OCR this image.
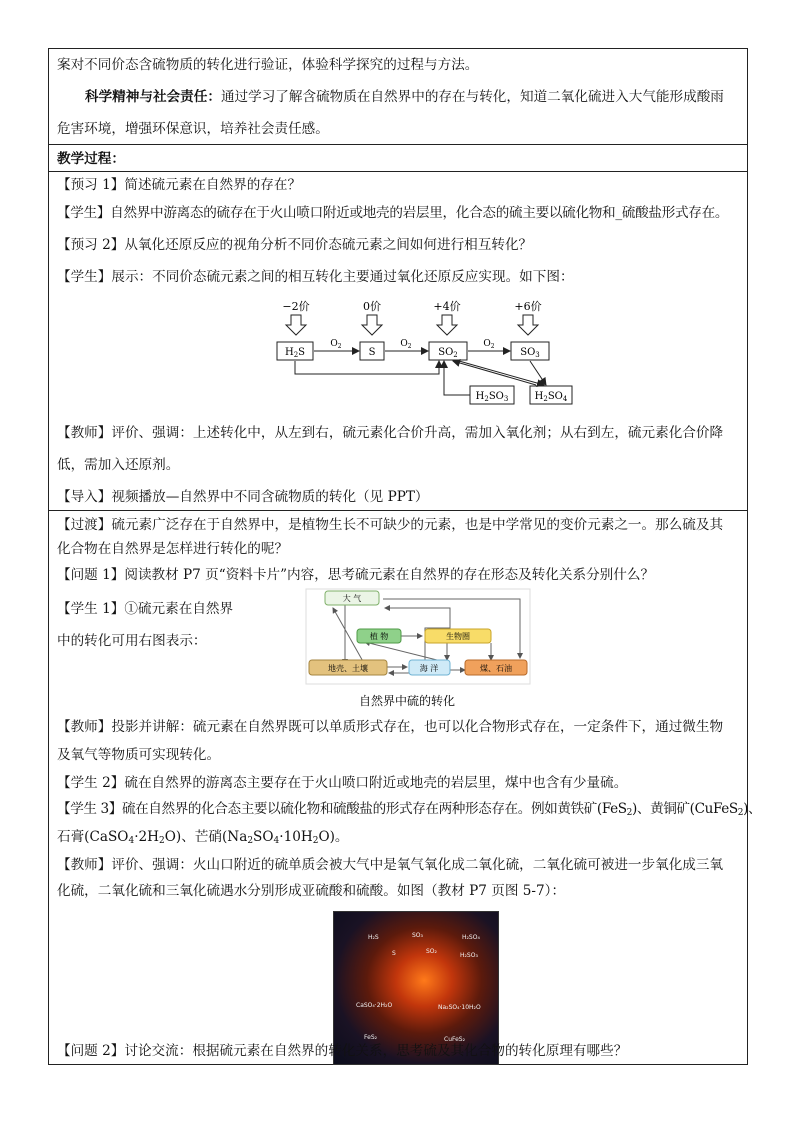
案对不同价态含硫物质的转化进行验证，体验科学探究的过程与方法。
科学精神与社会责任：通过学习了解含硫物质在自然界中的存在与转化，知道二氧化硫进入大气能形成酸雨
危害环境，增强环保意识，培养社会责任感。
教学过程：
【预习 1】简述硫元素在自然界的存在？
【学生】自然界中游离态的硫存在于火山喷口附近或地壳的岩层里，化合态的硫主要以硫化物和_硫酸盐形式存在。
【预习 2】从氧化还原反应的视角分析不同价态硫元素之间如何进行相互转化？
【学生】展示：不同价态硫元素之间的相互转化主要通过氧化还原反应实现。如下图：
−2价	0价	+4价	+6价
$H_2S$	S	$SO_2$	$SO_3$
$H_2SO_3$	$H_2SO_4$
$O_2$	$O_2$	$O_2$
【教师】评价、强调：上述转化中，从左到右，硫元素化合价升高，需加入氧化剂；从右到左，硫元素化合价降
低，需加入还原剂。
【导入】视频播放—自然界中不同含硫物质的转化（见 PPT）
【过渡】硫元素广泛存在于自然界中，是植物生长不可缺少的元素，也是中学常见的变价元素之一。那么硫及其
化合物在自然界是怎样进行转化的呢？
【问题 1】阅读教材 P7 页“资料卡片”内容，思考硫元素在自然界的存在形态及转化关系分别什么？
【学生 1】①硫元素在自然界
中的转化可用右图表示：
大 气
植 物	生物圈
地壳、土壤	海 洋	煤、石油
自然界中硫的转化
【教师】投影并讲解：硫元素在自然界既可以单质形式存在，也可以化合物形式存在，一定条件下，通过微生物
及氧气等物质可实现转化。
【学生 2】硫在自然界的游离态主要存在于火山喷口附近或地壳的岩层里，煤中也含有少量硫。
【学生 3】硫在自然界的化合态主要以硫化物和硫酸盐的形式存在两种形态存在。例如黄铁矿(FeS$_2$)、黄铜矿(CuFeS$_2$)、
石膏$(CaSO_4\cdot 2H_2O)$、芒硝$(Na_2SO_4\cdot 10H_2O)$。
【教师】评价、强调：火山口附近的硫单质会被大气中是氧气氧化成二氧化硫，二氧化硫可被进一步氧化成三氧
化硫，二氧化硫和三氧化硫遇水分别形成亚硫酸和硫酸。如图（教材 P7 页图 5-7）：
H₂S	SO₃	H₂SO₄
S	SO₂
H₂SO₃
CaSO₄·2H₂O	Na₂SO₄·10H₂O
FeS₂	CuFeS₂
【问题 2】讨论交流：根据硫元素在自然界的转化关系，思考硫及其化合物的转化原理有哪些？
